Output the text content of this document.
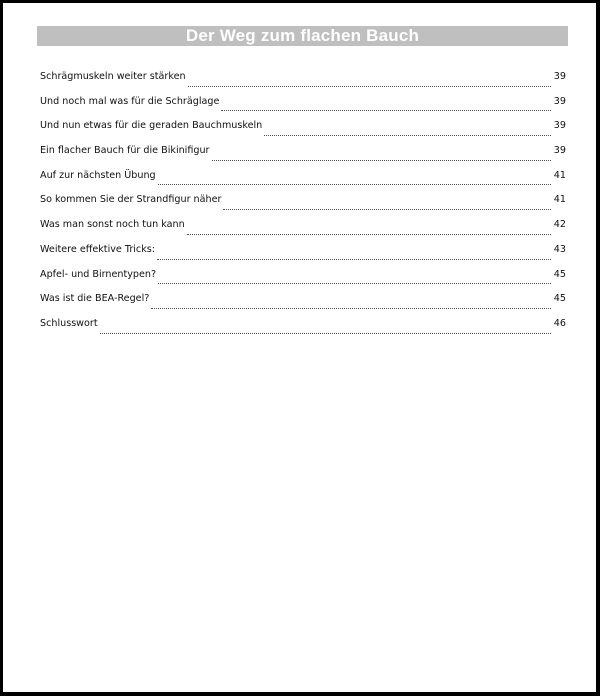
Der Weg zum flachen Bauch
Schrägmuskeln weiter stärken	39
Und noch mal was für die Schräglage	39
Und nun etwas für die geraden Bauchmuskeln	39
Ein flacher Bauch für die Bikinifigur	39
Auf zur nächsten Übung	41
So kommen Sie der Strandfigur näher	41
Was man sonst noch tun kann	42
Weitere effektive Tricks:	43
Apfel- und Birnentypen?	45
Was ist die BEA-Regel?	45
Schlusswort	46
